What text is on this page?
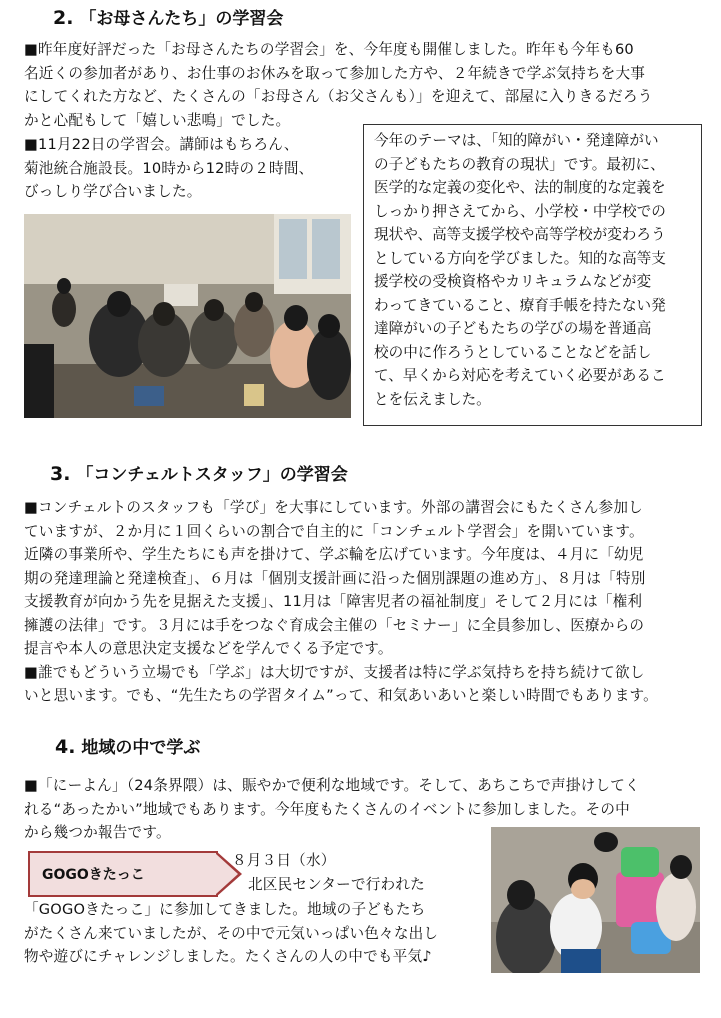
2. 「お母さんたち」の学習会
■昨年度好評だった「お母さんたちの学習会」を、今年度も開催しました。昨年も今年も60
名近くの参加者があり、お仕事のお休みを取って参加した方や、２年続きで学ぶ気持ちを大事
にしてくれた方など、たくさんの「お母さん（お父さんも）」を迎えて、部屋に入りきるだろう
かと心配もして「嬉しい悲鳴」でした。
■11月22日の学習会。講師はもちろん、
菊池統合施設長。10時から12時の２時間、
びっしり学び合いました。
今年のテーマは、「知的障がい・発達障がい
の子どもたちの教育の現状」です。最初に、
医学的な定義の変化や、法的制度的な定義を
しっかり押さえてから、小学校・中学校での
現状や、高等支援学校や高等学校が変わろう
としている方向を学びました。知的な高等支
援学校の受検資格やカリキュラムなどが変
わってきていること、療育手帳を持たない発
達障がいの子どもたちの学びの場を普通高
校の中に作ろうとしていることなどを話し
て、早くから対応を考えていく必要があるこ
とを伝えました。
3. 「コンチェルトスタッフ」の学習会
■コンチェルトのスタッフも「学び」を大事にしています。外部の講習会にもたくさん参加し
ていますが、２か月に１回くらいの割合で自主的に「コンチェルト学習会」を開いています。
近隣の事業所や、学生たちにも声を掛けて、学ぶ輪を広げています。今年度は、４月に「幼児
期の発達理論と発達検査」、６月は「個別支援計画に沿った個別課題の進め方」、８月は「特別
支援教育が向かう先を見据えた支援」、11月は「障害児者の福祉制度」そして２月には「権利
擁護の法律」です。３月には手をつなぐ育成会主催の「セミナー」に全員参加し、医療からの
提言や本人の意思決定支援などを学んでくる予定です。
■誰でもどういう立場でも「学ぶ」は大切ですが、支援者は特に学ぶ気持ちを持ち続けて欲し
いと思います。でも、“先生たちの学習タイム”って、和気あいあいと楽しい時間でもあります。
4. 地域の中で学ぶ
■「にーよん」（24条界隈）は、賑やかで便利な地域です。そして、あちこちで声掛けしてく
れる“あったかい”地域でもあります。今年度もたくさんのイベントに参加しました。その中
から幾つか報告です。
GOGOきたっこ
８月３日（水）
北区民センターで行われた
「GOGOきたっこ」に参加してきました。地域の子どもたち
がたくさん来ていましたが、その中で元気いっぱい色々な出し
物や遊びにチャレンジしました。たくさんの人の中でも平気♪
